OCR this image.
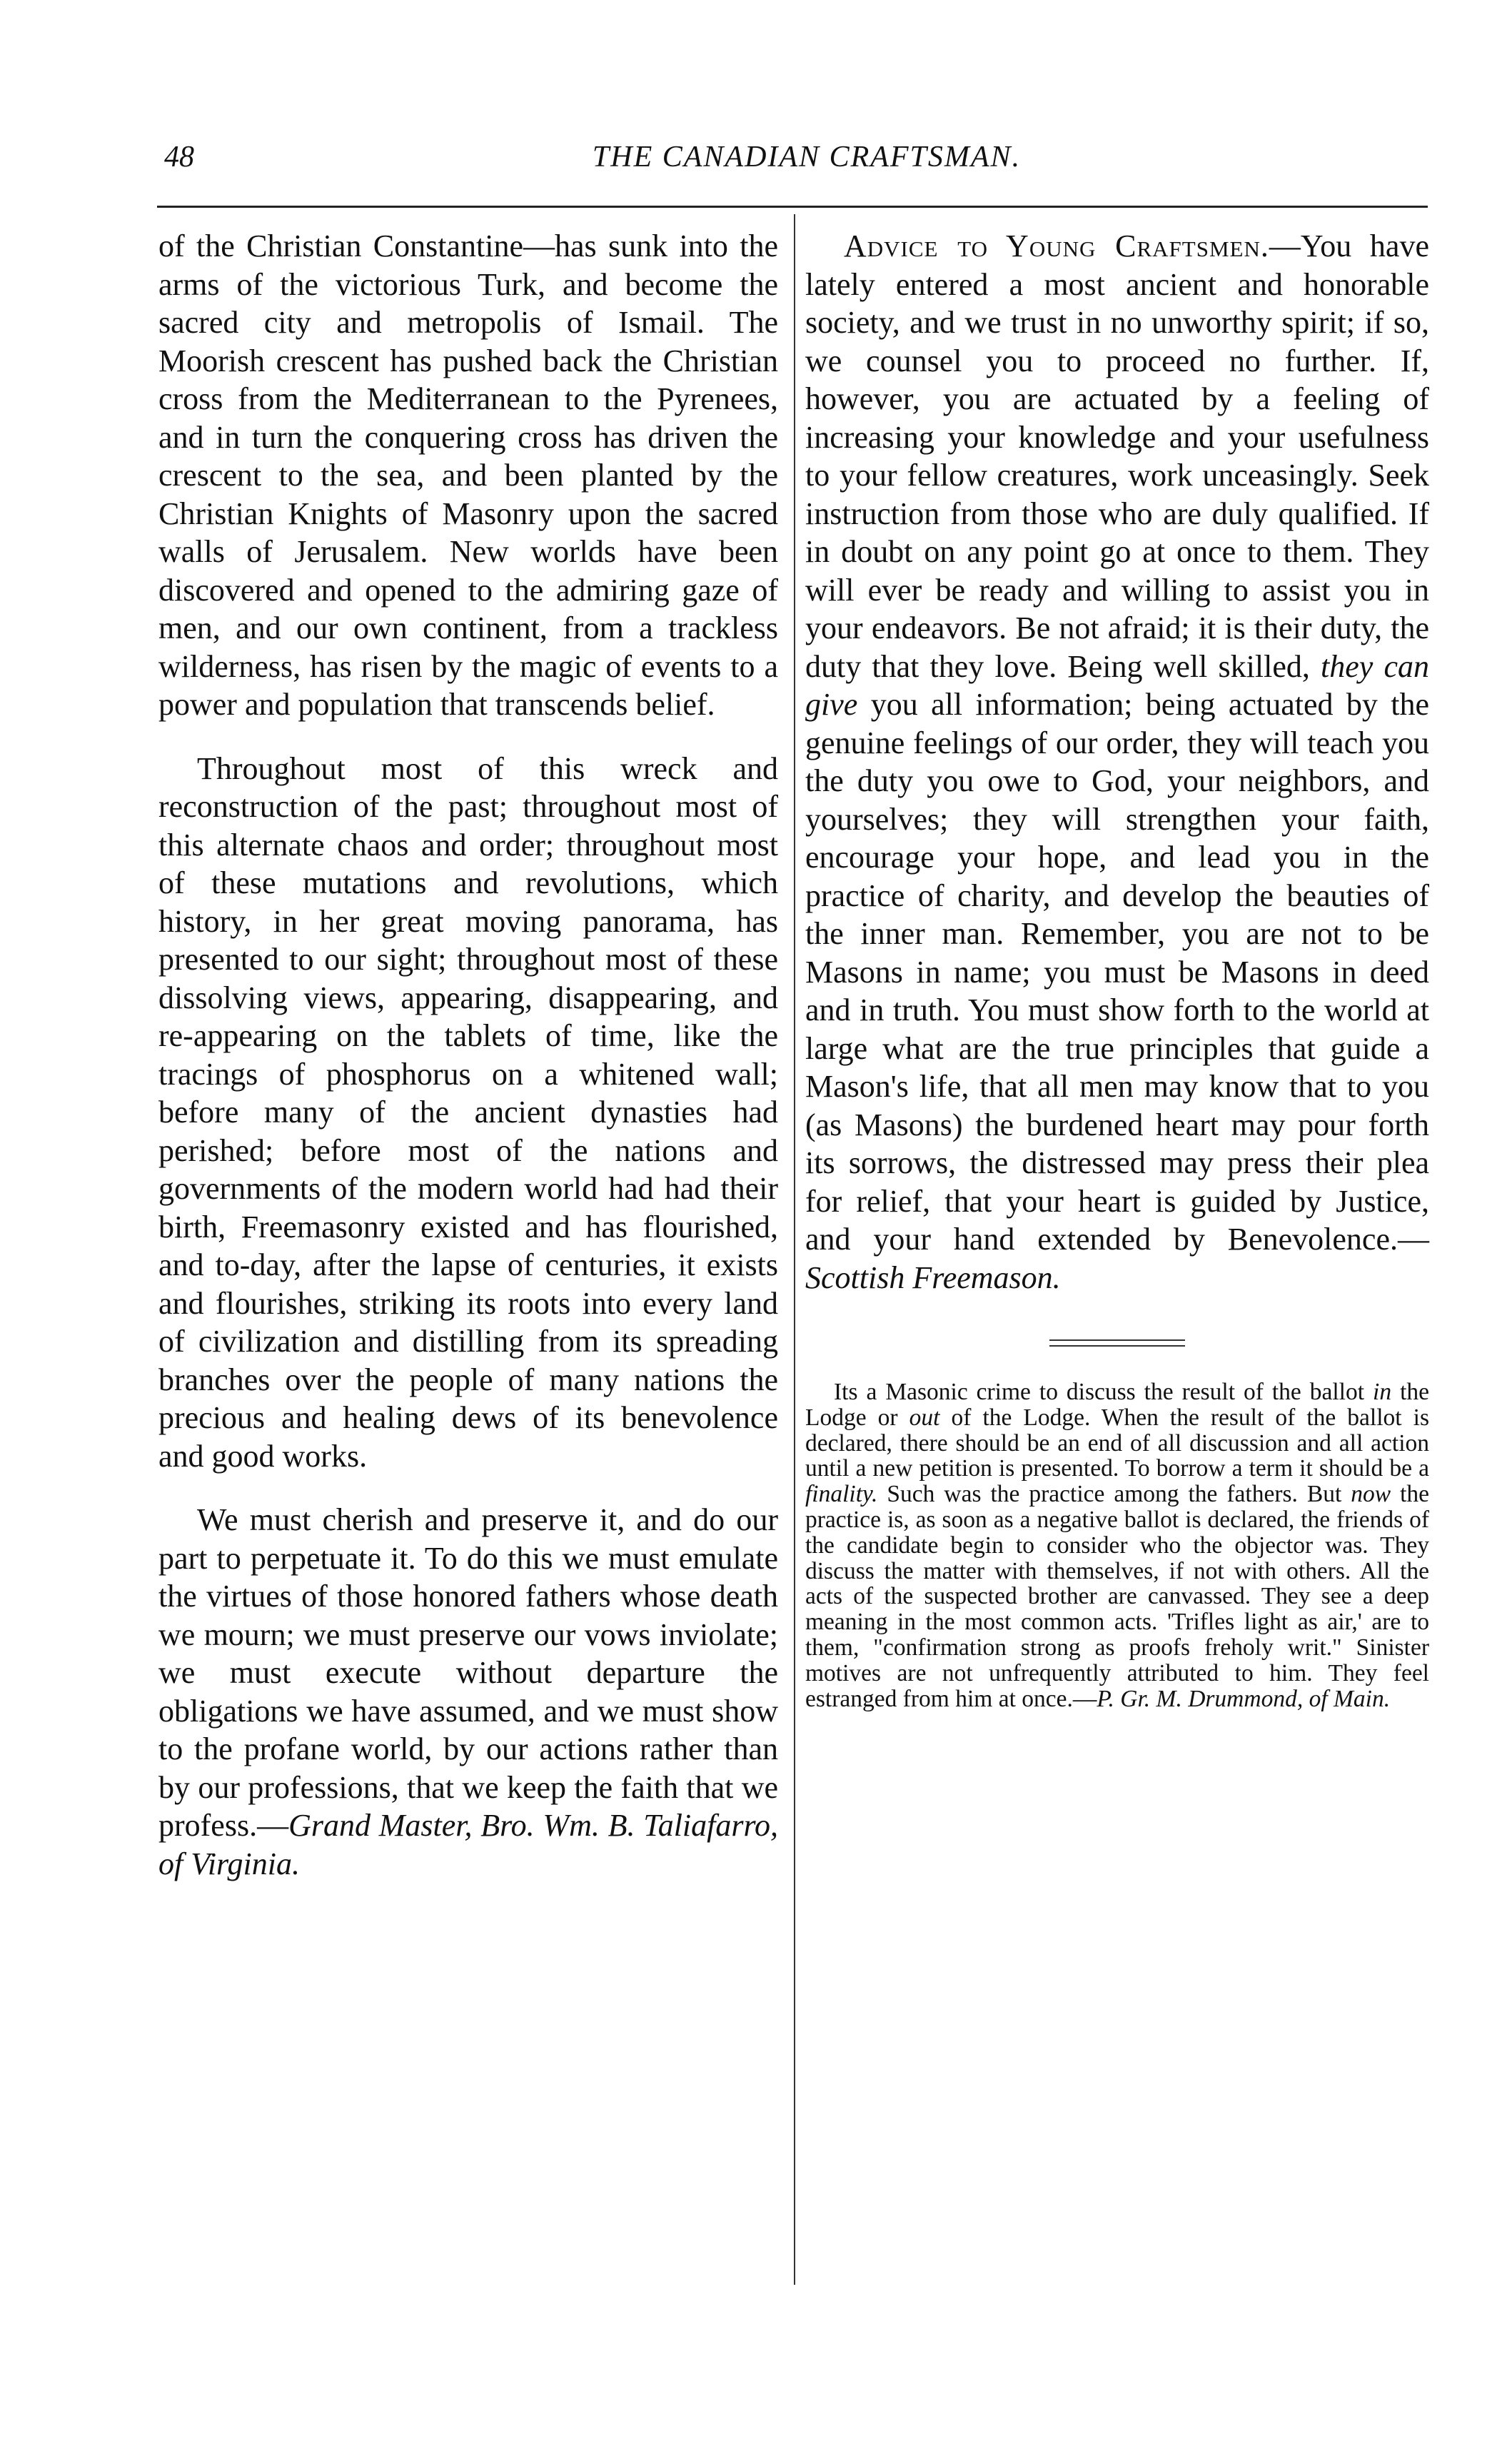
48	THE CANADIAN CRAFTSMAN.

of the Christian Constantine—has sunk into the arms of the victorious Turk, and become the sacred city and metropolis of Ismail. The Moorish crescent has pushed back the Christian cross from the Mediterranean to the Pyrenees, and in turn the conquering cross has driven the crescent to the sea, and been planted by the Christian Knights of Masonry upon the sacred walls of Jerusalem. New worlds have been discovered and opened to the admiring gaze of men, and our own continent, from a trackless wilderness, has risen by the magic of events to a power and population that transcends belief.

Throughout most of this wreck and reconstruction of the past; throughout most of this alternate chaos and order; throughout most of these mutations and revolutions, which history, in her great moving panorama, has presented to our sight; throughout most of these dissolving views, appearing, disappearing, and re-appearing on the tablets of time, like the tracings of phosphorus on a whitened wall; before many of the ancient dynasties had perished; before most of the nations and governments of the modern world had had their birth, Freemasonry existed and has flourished, and to-day, after the lapse of centuries, it exists and flourishes, striking its roots into every land of civilization and distilling from its spreading branches over the people of many nations the precious and healing dews of its benevolence and good works.

We must cherish and preserve it, and do our part to perpetuate it. To do this we must emulate the virtues of those honored fathers whose death we mourn; we must preserve our vows inviolate; we must execute without departure the obligations we have assumed, and we must show to the profane world, by our actions rather than by our professions, that we keep the faith that we profess.—Grand Master, Bro. Wm. B. Taliafarro, of Virginia.

Advice to Young Craftsmen.—You have lately entered a most ancient and honorable society, and we trust in no unworthy spirit; if so, we counsel you to proceed no further. If, however, you are actuated by a feeling of increasing your knowledge and your usefulness to your fellow creatures, work unceasingly. Seek instruction from those who are duly qualified. If in doubt on any point go at once to them. They will ever be ready and willing to assist you in your endeavors. Be not afraid; it is their duty, the duty that they love. Being well skilled, they can give you all information; being actuated by the genuine feelings of our order, they will teach you the duty you owe to God, your neighbors, and yourselves; they will strengthen your faith, encourage your hope, and lead you in the practice of charity, and develop the beauties of the inner man. Remember, you are not to be Masons in name; you must be Masons in deed and in truth. You must show forth to the world at large what are the true principles that guide a Mason's life, that all men may know that to you (as Masons) the burdened heart may pour forth its sorrows, the distressed may press their plea for relief, that your heart is guided by Justice, and your hand extended by Benevolence.—Scottish Freemason.

Its a Masonic crime to discuss the result of the ballot in the Lodge or out of the Lodge. When the result of the ballot is declared, there should be an end of all discussion and all action until a new petition is presented. To borrow a term it should be a finality. Such was the practice among the fathers. But now the practice is, as soon as a negative ballot is declared, the friends of the candidate begin to consider who the objector was. They discuss the matter with themselves, if not with others. All the acts of the suspected brother are canvassed. They see a deep meaning in the most common acts. 'Trifles light as air,' are to them, "confirmation strong as proofs freholy writ." Sinister motives are not unfrequently attributed to him. They feel estranged from him at once.—P. Gr. M. Drummond, of Main.
